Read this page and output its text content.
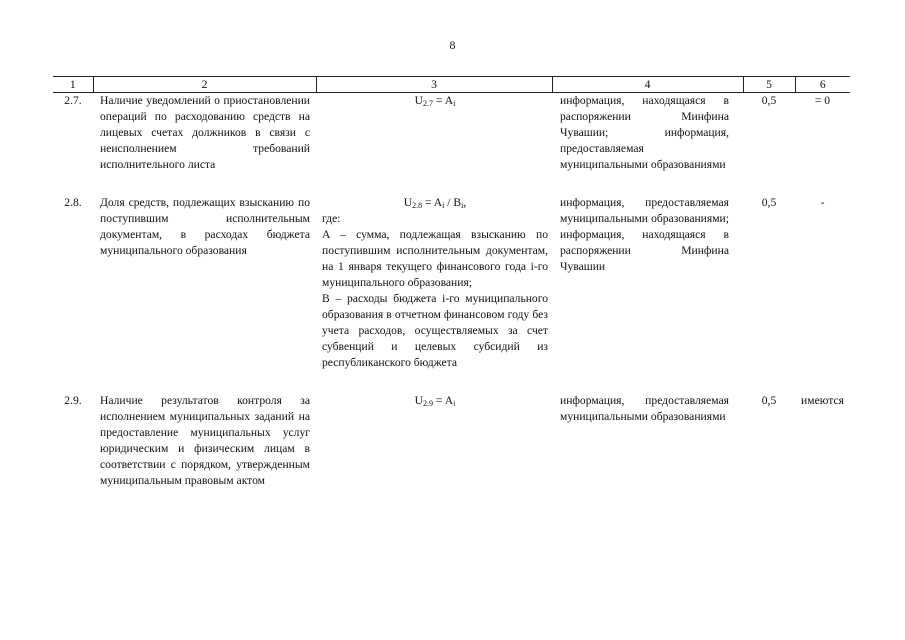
8
1	2	3	4	5	6
2.7.	Наличие уведомлений о приостановлении операций по расходованию средств на лицевых счетах должников в связи с неисполнением требований исполнительного листа	$U_{2.7} = A_i$	информация, находящаяся в распоряжении Минфина Чувашии; информация, предоставляемая муниципальными образованиями	0,5	= 0

2.8.	Доля средств, подлежащих взысканию по поступившим исполнительным документам, в расходах бюджета муниципального образования	$U_{2.8} = A_i / B_i$,
где:
A – сумма, подлежащая взысканию по поступившим исполнительным документам, на 1 января текущего финансового года i-го муниципального образования;
B – расходы бюджета i-го муниципального образования в отчетном финансовом году без учета расходов, осуществляемых за счет субвенций и целевых субсидий из республиканского бюджета	информация, предоставляемая муниципальными образованиями; информация, находящаяся в распоряжении Минфина Чувашии	0,5	-

2.9.	Наличие результатов контроля за исполнением муниципальных заданий на предоставление муниципальных услуг юридическим и физическим лицам в соответствии с порядком, утвержденным муниципальным правовым актом	$U_{2.9} = A_i$	информация, предоставляемая муниципальными образованиями	0,5	имеются
